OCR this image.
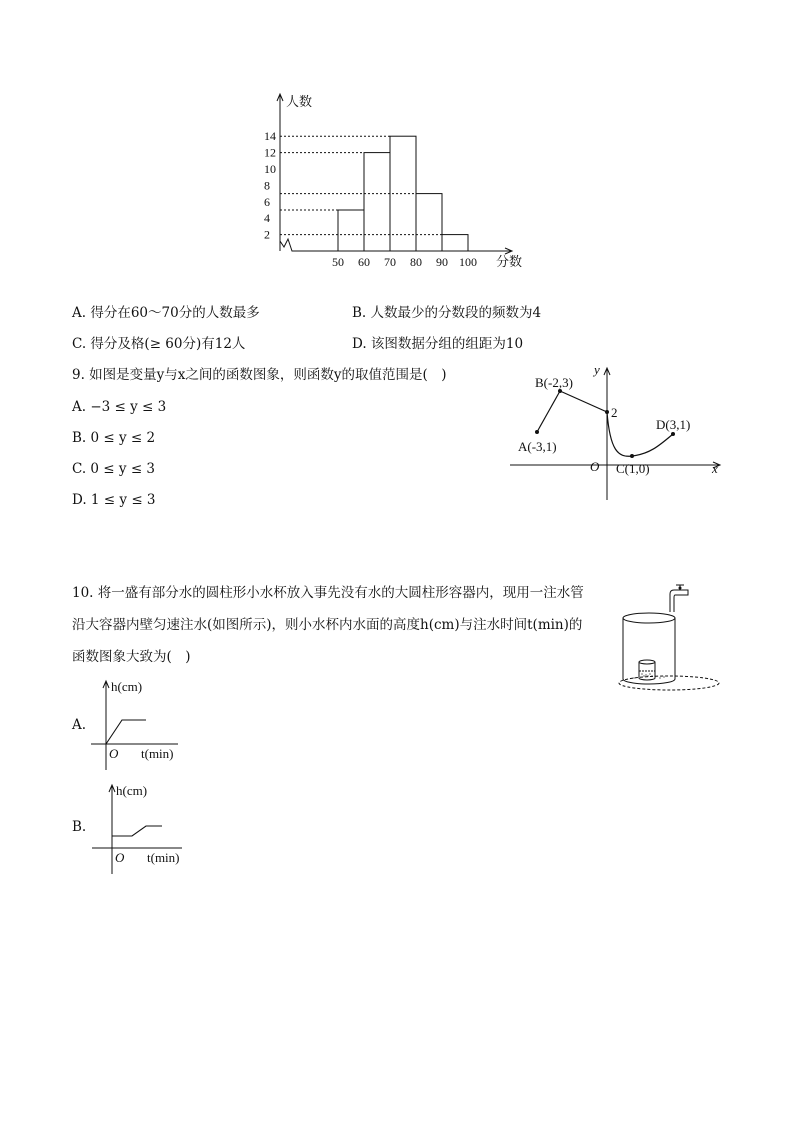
人数
分数
14
12
10
8
6
4
2
50 60 70 80 90 100
A. 得分在60～70分的人数最多	B. 人数最少的分数段的频数为4
C. 得分及格(≥ 60分)有12人	D. 该图数据分组的组距为10
9. 如图是变量y与x之间的函数图象，则函数y的取值范围是(　)
A. −3 ≤ y ≤ 3
B. 0 ≤ y ≤ 2
C. 0 ≤ y ≤ 3
D. 1 ≤ y ≤ 3
y
x
O
A(-3,1)
B(-2,3)
2
C(1,0)
D(3,1)
10. 将一盛有部分水的圆柱形小水杯放入事先没有水的大圆柱形容器内，现用一注水管
沿大容器内壁匀速注水(如图所示)，则小水杯内水面的高度h(cm)与注水时间t(min)的
函数图象大致为(　)
A.
h(cm)
O t(min)
B.
h(cm)
O t(min)
